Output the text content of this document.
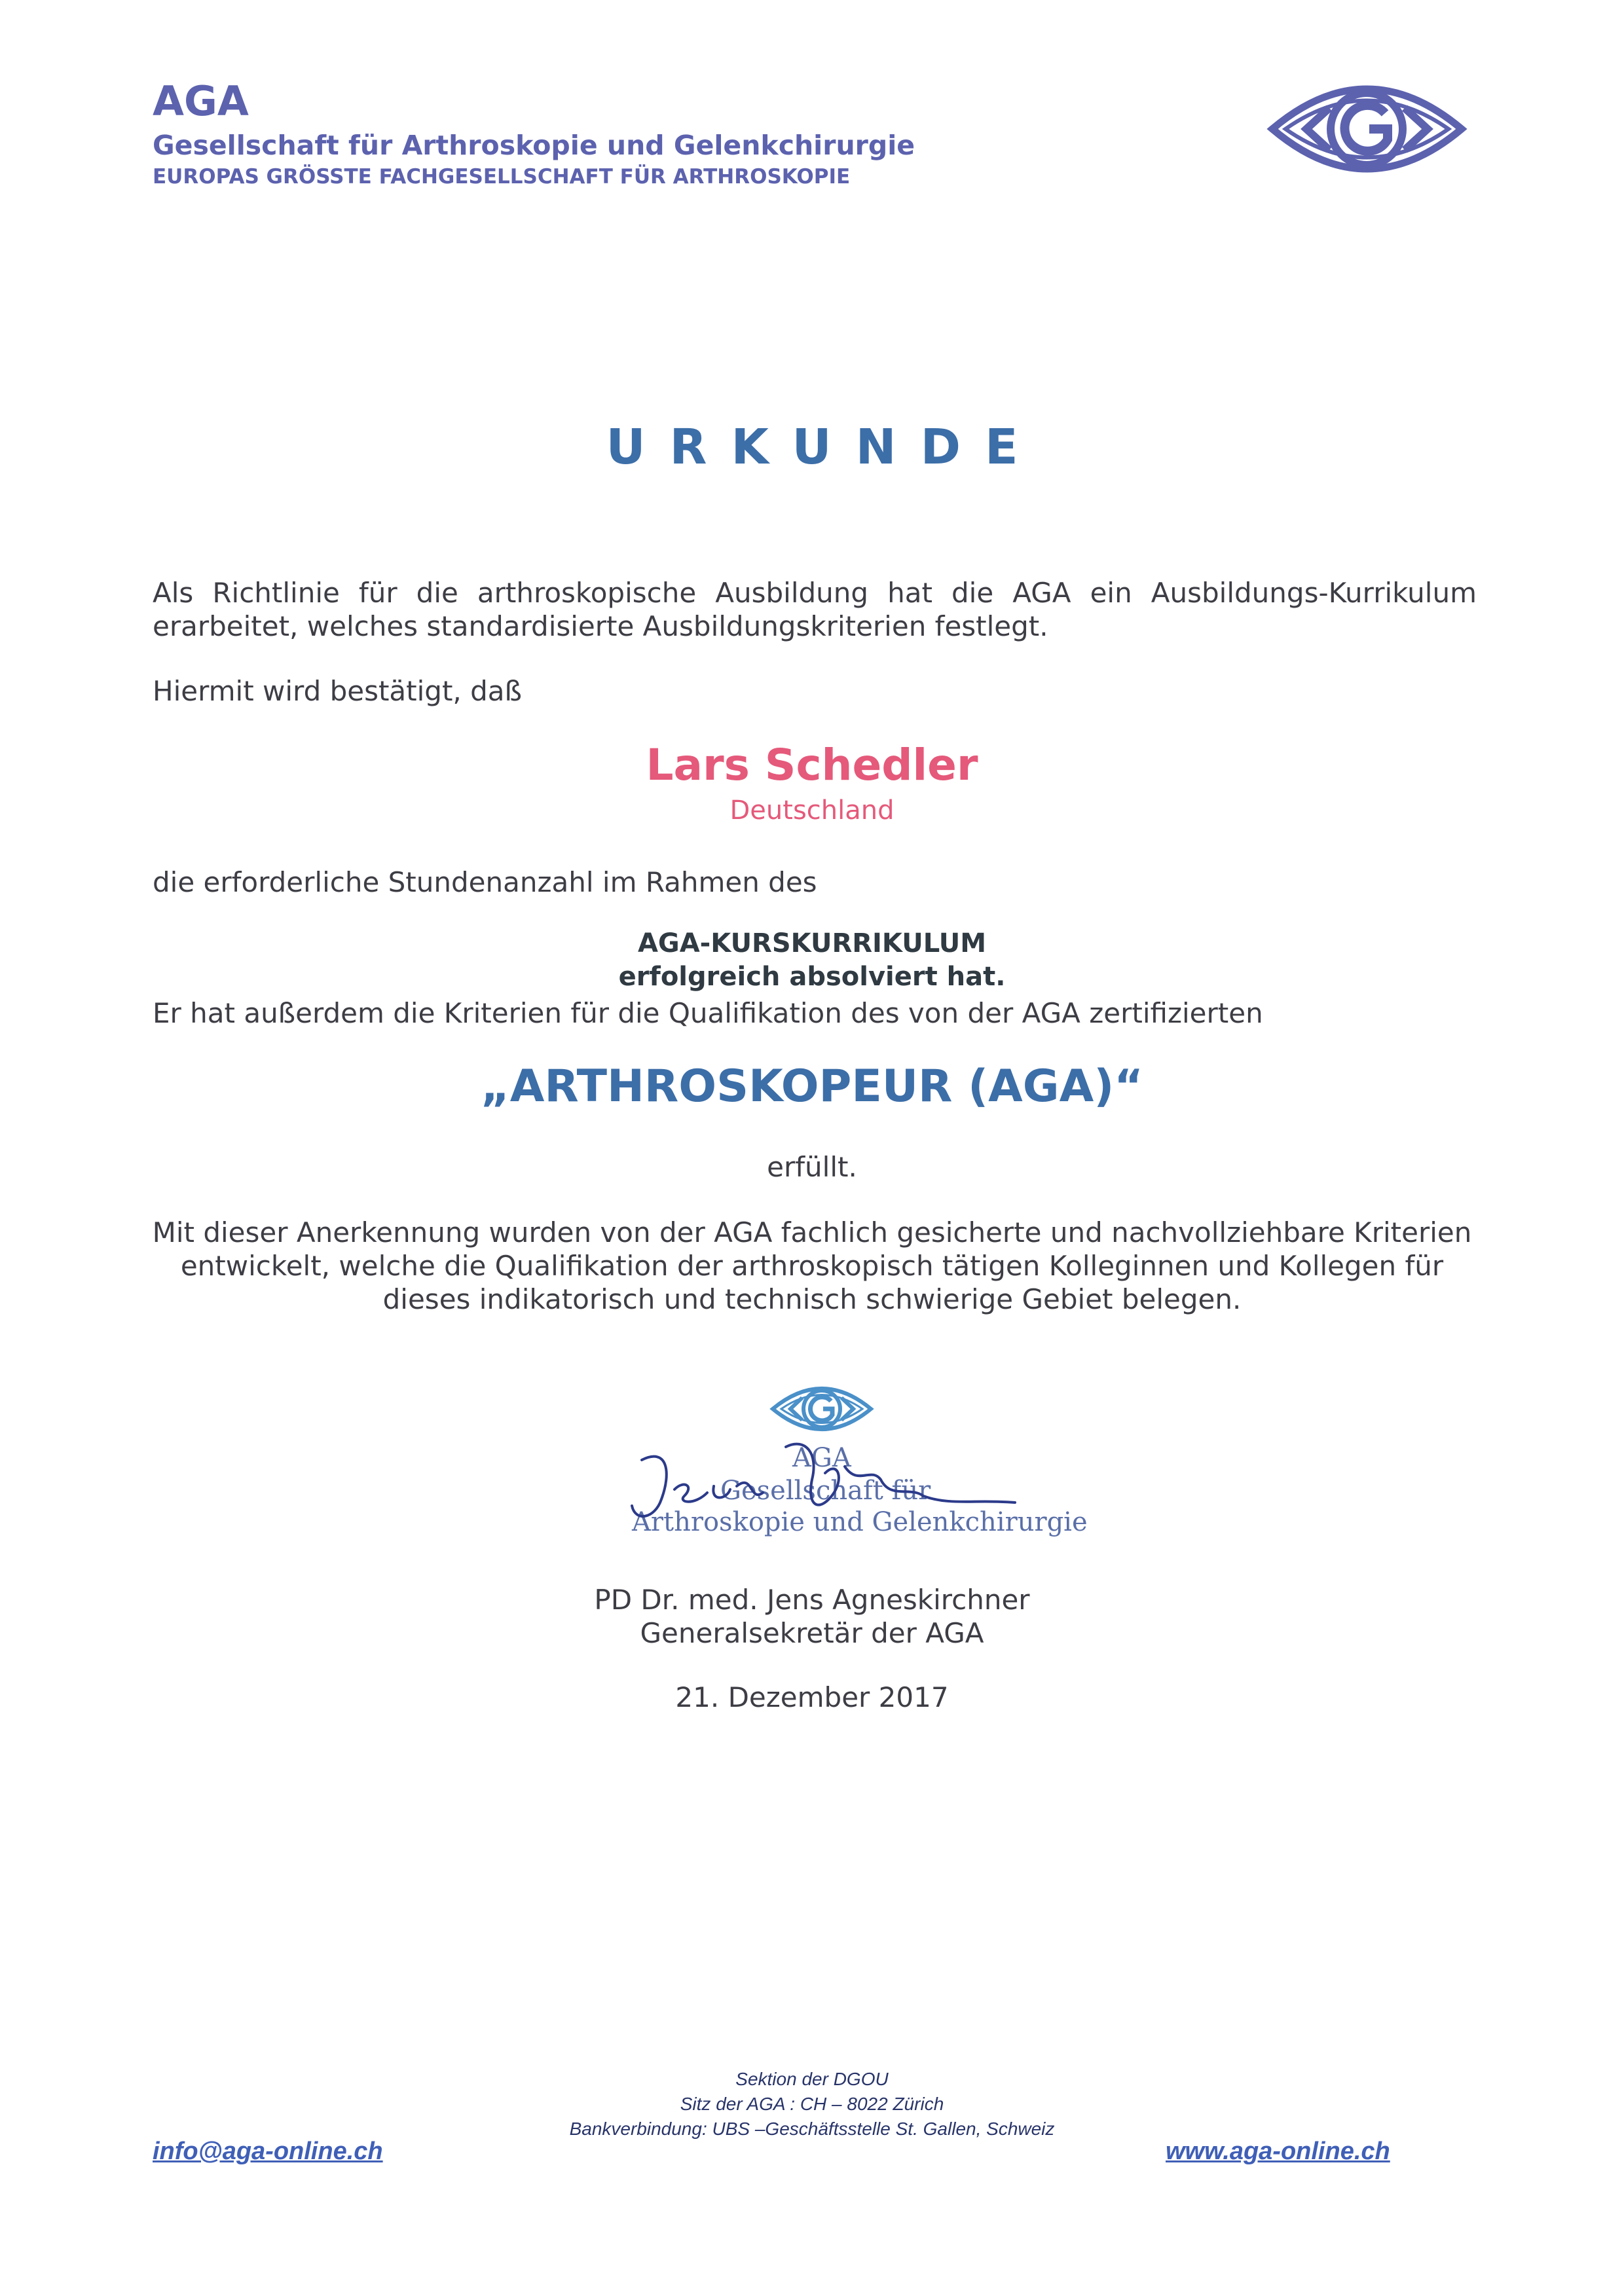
AGA
Gesellschaft für Arthroskopie und Gelenkchirurgie
EUROPAS GRÖSSTE FACHGESELLSCHAFT FÜR ARTHROSKOPIE
URKUNDE
Als Richtlinie für die arthroskopische Ausbildung hat die AGA ein Ausbildungs-Kurrikulum
erarbeitet, welches standardisierte Ausbildungskriterien festlegt.
Hiermit wird bestätigt, daß
Lars Schedler
Deutschland
die erforderliche Stundenanzahl im Rahmen des
AGA-KURSKURRIKULUM
erfolgreich absolviert hat.
Er hat außerdem die Kriterien für die Qualifikation des von der AGA zertifizierten
„ARTHROSKOPEUR (AGA)“
erfüllt.
Mit dieser Anerkennung wurden von der AGA fachlich gesicherte und nachvollziehbare Kriterien
entwickelt, welche die Qualifikation der arthroskopisch tätigen Kolleginnen und Kollegen für
dieses indikatorisch und technisch schwierige Gebiet belegen.
AGA
Gesellschaft für
Arthroskopie und Gelenkchirurgie
PD Dr. med. Jens Agneskirchner
Generalsekretär der AGA
21. Dezember 2017
Sektion der DGOU
Sitz der AGA : CH – 8022 Zürich
Bankverbindung: UBS –Geschäftsstelle St. Gallen, Schweiz
info@aga-online.ch	www.aga-online.ch
